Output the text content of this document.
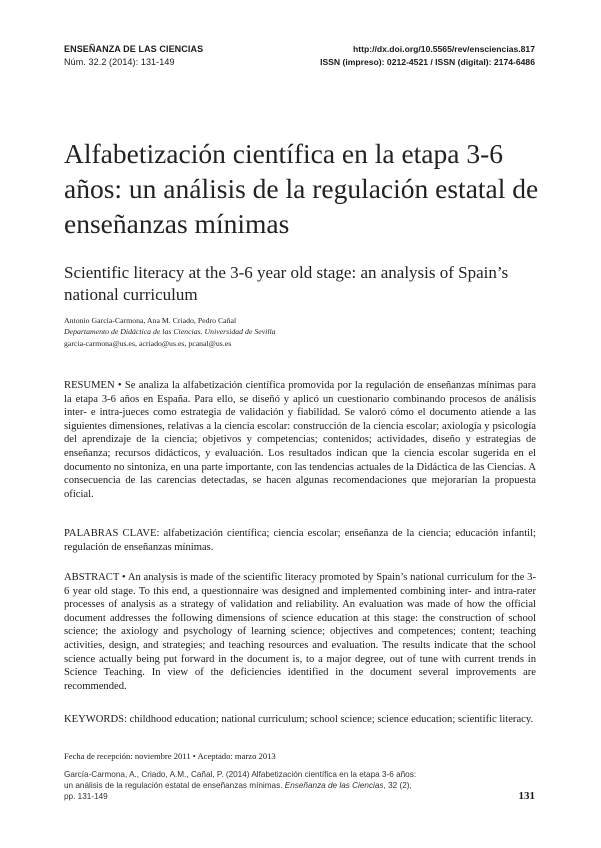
ENSEÑANZA DE LAS CIENCIAS
Núm. 32.2 (2014): 131-149
http://dx.doi.org/10.5565/rev/ensciencias.817
ISSN (impreso): 0212-4521 / ISSN (digital): 2174-6486
Alfabetización científica en la etapa 3-6 años: un análisis de la regulación estatal de enseñanzas mínimas
Scientific literacy at the 3-6 year old stage: an analysis of Spain’s national curriculum
Antonio García-Carmona, Ana M. Criado, Pedro Cañal
Departamento de Didáctica de las Ciencias. Universidad de Sevilla
garcia-carmona@us.es, acriado@us.es, pcanal@us.es
RESUMEN • Se analiza la alfabetización científica promovida por la regulación de enseñanzas mínimas para la etapa 3-6 años en España. Para ello, se diseñó y aplicó un cuestionario combinando procesos de análisis inter- e intra-jueces como estrategia de validación y fiabilidad. Se valoró cómo el documento atiende a las siguientes dimensiones, relativas a la ciencia escolar: construcción de la ciencia escolar; axiología y psicología del aprendizaje de la ciencia; objetivos y competencias; contenidos; actividades, diseño y estrategias de enseñanza; recursos didácticos, y evaluación. Los resultados indican que la ciencia escolar sugerida en el documento no sintoniza, en una parte importante, con las tendencias actuales de la Didáctica de las Ciencias. A consecuencia de las carencias detectadas, se hacen algunas recomendaciones que mejorarían la propuesta oficial.
PALABRAS CLAVE: alfabetización científica; ciencia escolar; enseñanza de la ciencia; educación infantil; regulación de enseñanzas mínimas.
ABSTRACT • An analysis is made of the scientific literacy promoted by Spain’s national curriculum for the 3-6 year old stage. To this end, a questionnaire was designed and implemented combining inter- and intra-rater processes of analysis as a strategy of validation and reliability. An evaluation was made of how the official document addresses the following dimensions of science education at this stage: the construction of school science; the axiology and psychology of learning science; objectives and competences; content; teaching activities, design, and strategies; and teaching resources and evaluation. The results indicate that the school science actually being put forward in the document is, to a major degree, out of tune with current trends in Science Teaching. In view of the deficiencies identified in the document several improvements are recommended.
KEYWORDS: childhood education; national curriculum; school science; science education; scientific literacy.
Fecha de recepción: noviembre 2011 • Aceptado: marzo 2013
García-Carmona, A., Criado, A.M., Cañal, P. (2014) Alfabetización científica en la etapa 3-6 años: un análisis de la regulación estatal de enseñanzas mínimas. Enseñanza de las Ciencias, 32 (2), pp. 131-149	131
